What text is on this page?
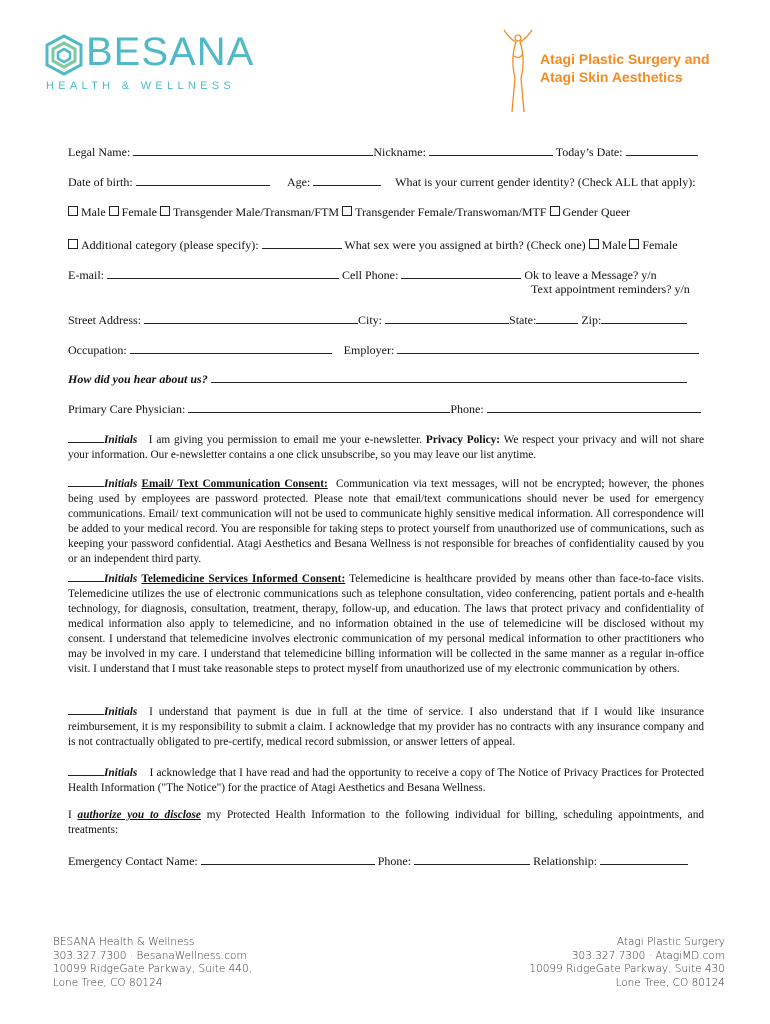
BESANA
HEALTH & WELLNESS
Atagi Plastic Surgery and
Atagi Skin Aesthetics
Legal Name:	Nickname:	Today’s Date:
Date of birth:	Age:	What is your current gender identity? (Check ALL that apply):
Male Female Transgender Male/Transman/FTM Transgender Female/Transwoman/MTF Gender Queer
Additional category (please specify):	What sex were you assigned at birth? (Check one) Male Female
E-mail:	Cell Phone:	Ok to leave a Message? y/n
Text appointment reminders? y/n
Street Address:	City:	State:	Zip:
Occupation:	Employer:
How did you hear about us?
Primary Care Physician:	Phone:

Initials I am giving you permission to email me your e-newsletter. Privacy Policy: We respect your privacy and will not share your information. Our e-newsletter contains a one click unsubscribe, so you may leave our list anytime.

Initials Email/ Text Communication Consent: Communication via text messages, will not be encrypted; however, the phones being used by employees are password protected. Please note that email/text communications should never be used for emergency communications. Email/ text communication will not be used to communicate highly sensitive medical information. All correspondence will be added to your medical record. You are responsible for taking steps to protect yourself from unauthorized use of communications, such as keeping your password confidential. Atagi Aesthetics and Besana Wellness is not responsible for breaches of confidentiality caused by you or an independent third party.

Initials Telemedicine Services Informed Consent: Telemedicine is healthcare provided by means other than face-to-face visits. Telemedicine utilizes the use of electronic communications such as telephone consultation, video conferencing, patient portals and e-health technology, for diagnosis, consultation, treatment, therapy, follow-up, and education. The laws that protect privacy and confidentiality of medical information also apply to telemedicine, and no information obtained in the use of telemedicine will be disclosed without my consent. I understand that telemedicine involves electronic communication of my personal medical information to other practitioners who may be involved in my care. I understand that telemedicine billing information will be collected in the same manner as a regular in-office visit. I understand that I must take reasonable steps to protect myself from unauthorized use of my electronic communication by others.

Initials I understand that payment is due in full at the time of service. I also understand that if I would like insurance reimbursement, it is my responsibility to submit a claim. I acknowledge that my provider has no contracts with any insurance company and is not contractually obligated to pre-certify, medical record submission, or answer letters of appeal.

Initials I acknowledge that I have read and had the opportunity to receive a copy of The Notice of Privacy Practices for Protected Health Information ("The Notice") for the practice of Atagi Aesthetics and Besana Wellness.

I authorize you to disclose my Protected Health Information to the following individual for billing, scheduling appointments, and treatments:

Emergency Contact Name:	Phone:	Relationship:
BESANA Health & Wellness
303.327.7300 · BesanaWellness.com
10099 RidgeGate Parkway, Suite 440,
Lone Tree, CO 80124
Atagi Plastic Surgery
303.327.7300 · AtagiMD.com
10099 RidgeGate Parkway, Suite 430
Lone Tree, CO 80124
